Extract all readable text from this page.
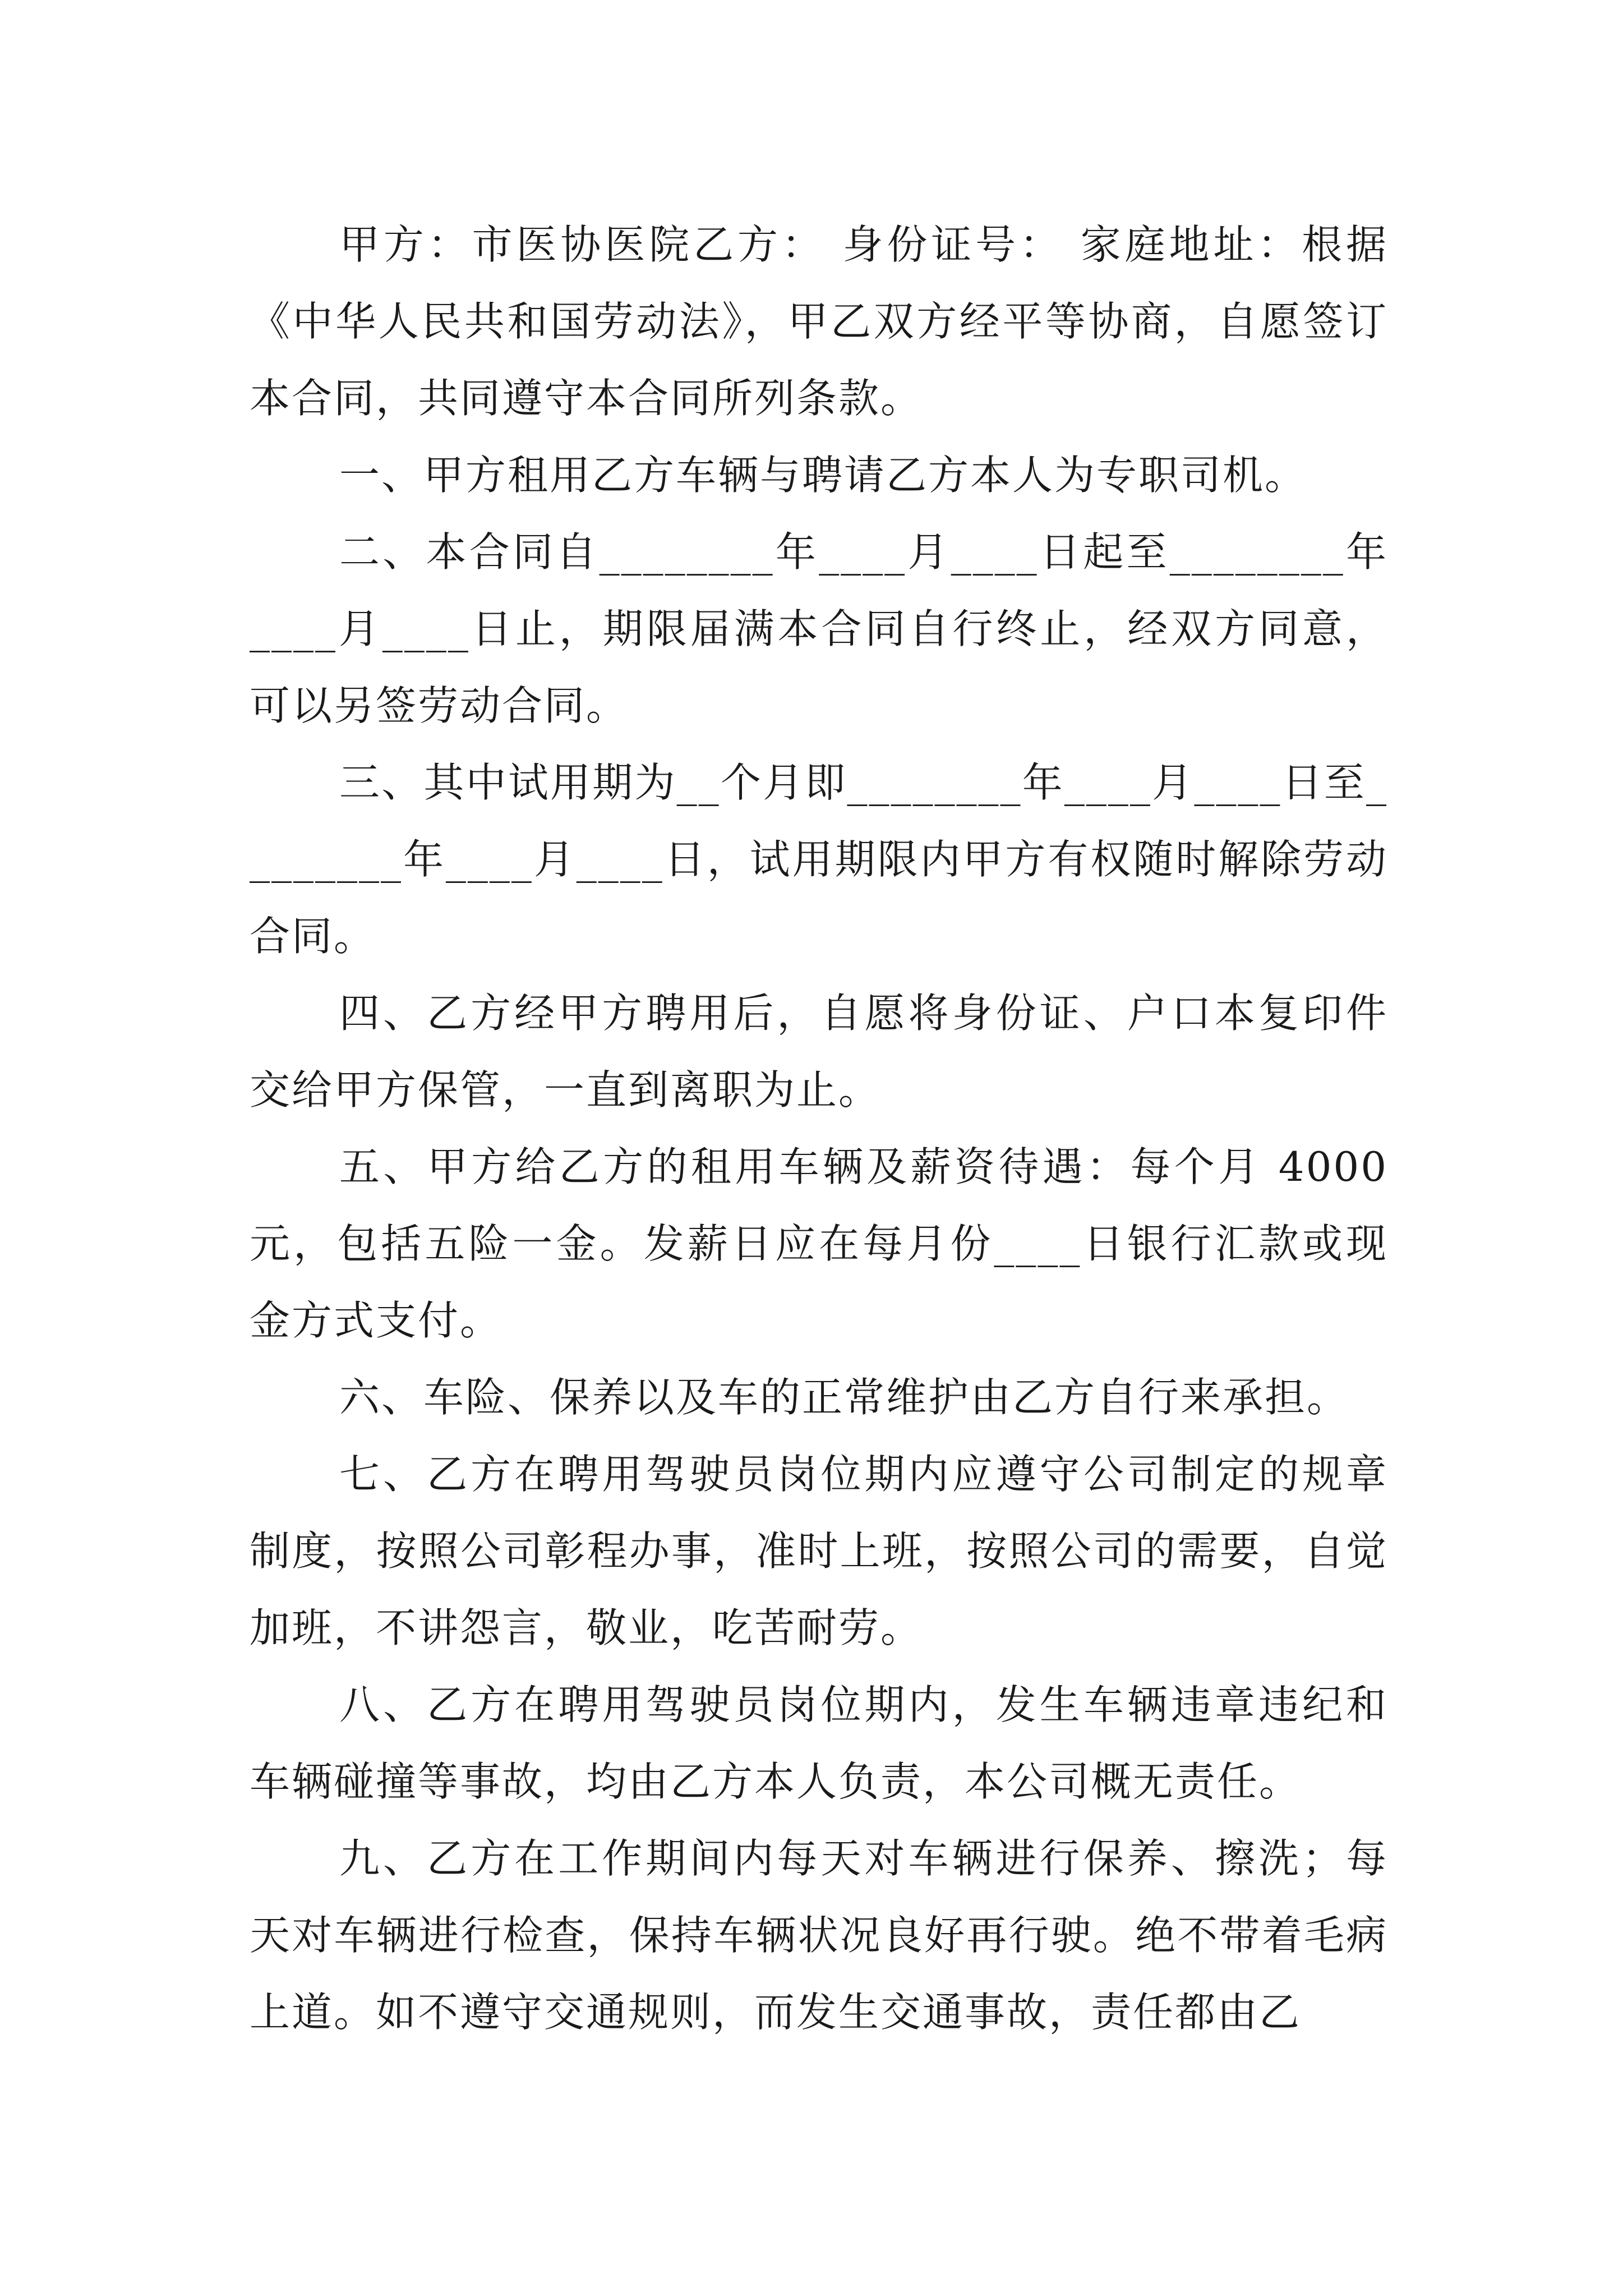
甲方：市医协医院乙方： 身份证号： 家庭地址：根据《中华人民共和国劳动法》，甲乙双方经平等协商，自愿签订本合同，共同遵守本合同所列条款。

一、甲方租用乙方车辆与聘请乙方本人为专职司机。

二、本合同自________年____月____日起至________年____月____日止，期限届满本合同自行终止，经双方同意，可以另签劳动合同。

三、其中试用期为__个月即________年____月____日至________年____月____日，试用期限内甲方有权随时解除劳动合同。

四、乙方经甲方聘用后，自愿将身份证、户口本复印件交给甲方保管，一直到离职为止。

五、甲方给乙方的租用车辆及薪资待遇：每个月 4000 元，包括五险一金。发薪日应在每月份____日银行汇款或现金方式支付。

六、车险、保养以及车的正常维护由乙方自行来承担。

七、乙方在聘用驾驶员岗位期内应遵守公司制定的规章制度，按照公司彰程办事，准时上班，按照公司的需要，自觉加班，不讲怨言，敬业，吃苦耐劳。

八、乙方在聘用驾驶员岗位期内，发生车辆违章违纪和车辆碰撞等事故，均由乙方本人负责，本公司概无责任。

九、乙方在工作期间内每天对车辆进行保养、擦洗；每天对车辆进行检查，保持车辆状况良好再行驶。绝不带着毛病上道。如不遵守交通规则，而发生交通事故，责任都由乙
